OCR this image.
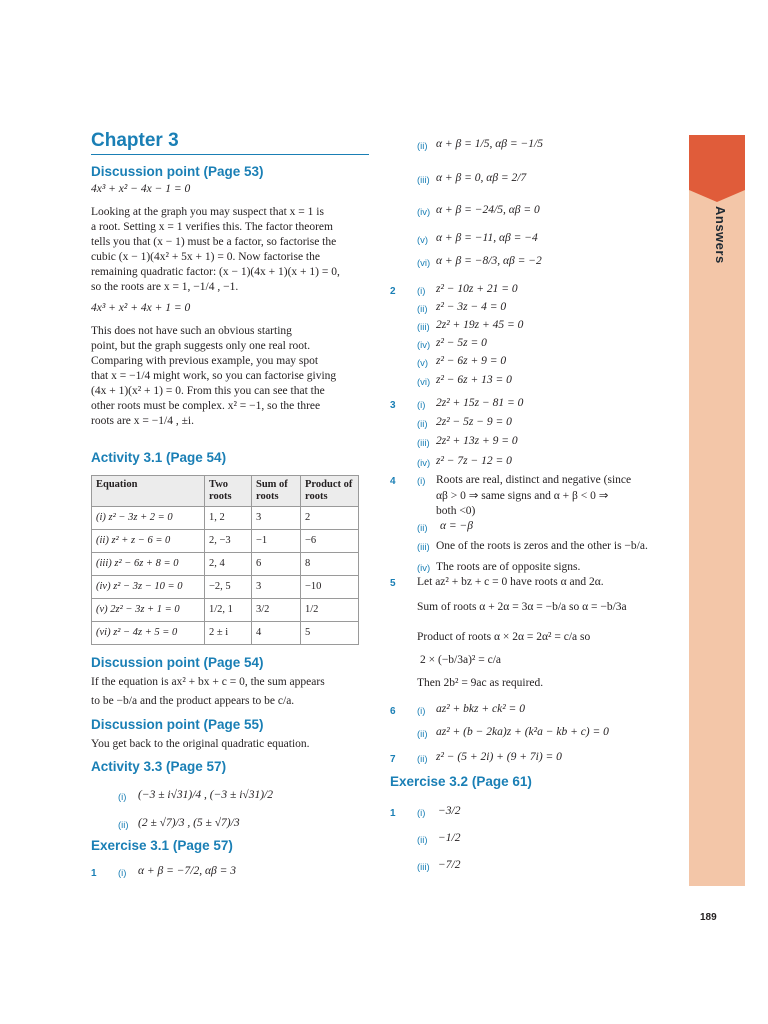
Answers
Chapter 3
Discussion point (Page 53)
4x³ + x² − 4x − 1 = 0
Looking at the graph you may suspect that x = 1 is
a root. Setting x = 1 verifies this. The factor theorem
tells you that (x − 1) must be a factor, so factorise the
cubic (x − 1)(4x² + 5x + 1) = 0. Now factorise the
remaining quadratic factor: (x − 1)(4x + 1)(x + 1) = 0,
so the roots are x = 1, −1/4 , −1.
4x³ + x² + 4x + 1 = 0
This does not have such an obvious starting
point, but the graph suggests only one real root.
Comparing with previous example, you may spot
that x = −1/4 might work, so you can factorise giving
(4x + 1)(x² + 1) = 0. From this you can see that the
other roots must be complex. x² = −1, so the three
roots are x = −1/4 , ±i.
Activity 3.1 (Page 54)
Equation	Two roots	Sum of roots	Product of roots
(i) z² − 3z + 2 = 0	1, 2	3	2
(ii) z² + z − 6 = 0	2, −3	−1	−6
(iii) z² − 6z + 8 = 0	2, 4	6	8
(iv) z² − 3z − 10 = 0	−2, 5	3	−10
(v) 2z² − 3z + 1 = 0	1/2, 1	3/2	1/2
(vi) z² − 4z + 5 = 0	2 ± i	4	5
Discussion point (Page 54)
If the equation is ax² + bx + c = 0, the sum appears
to be −b/a and the product appears to be c/a.
Discussion point (Page 55)
You get back to the original quadratic equation.
Activity 3.3 (Page 57)
(i) (−3 ± i√31)/4 , (−3 ± i√31)/2
(ii) (2 ± √7)/3 , (5 ± √7)/3
Exercise 3.1 (Page 57)
1 (i) α + β = −7/2, αβ = 3
(ii) α + β = 1/5, αβ = −1/5
(iii) α + β = 0, αβ = 2/7
(iv) α + β = −24/5, αβ = 0
(v) α + β = −11, αβ = −4
(vi) α + β = −8/3, αβ = −2
2 (i) z² − 10z + 21 = 0
(ii) z² − 3z − 4 = 0
(iii) 2z² + 19z + 45 = 0
(iv) z² − 5z = 0
(v) z² − 6z + 9 = 0
(vi) z² − 6z + 13 = 0
3 (i) 2z² + 15z − 81 = 0
(ii) 2z² − 5z − 9 = 0
(iii) 2z² + 13z + 9 = 0
(iv) z² − 7z − 12 = 0
4 (i) Roots are real, distinct and negative (since
αβ > 0 ⇒ same signs and α + β < 0 ⇒
both <0)
(ii) α = −β
(iii) One of the roots is zeros and the other is −b/a.
(iv) The roots are of opposite signs.
5 Let az² + bz + c = 0 have roots α and 2α.
Sum of roots α + 2α = 3α = −b/a so α = −b/3a
Product of roots α × 2α = 2α² = c/a so
2 × (−b/3a)² = c/a
Then 2b² = 9ac as required.
6 (i) az² + bkz + ck² = 0
(ii) az² + (b − 2ka)z + (k²a − kb + c) = 0
7 (ii) z² − (5 + 2i) + (9 + 7i) = 0
Exercise 3.2 (Page 61)
1 (i) −3/2
(ii) −1/2
(iii) −7/2
189
